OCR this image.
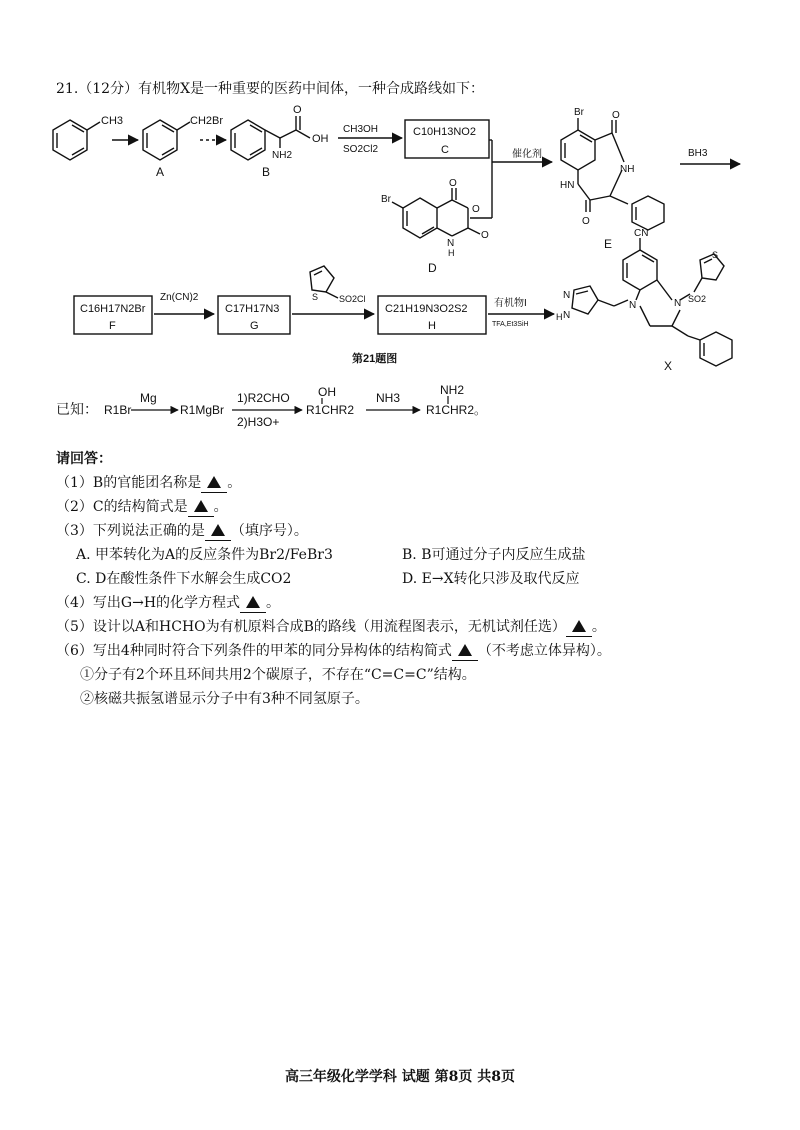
21.（12分）有机物X是一种重要的医药中间体，一种合成路线如下：
CH3	CH2Br
A
OH
O
NH2
B
CH3OH
SO2Cl2
C10H13NO2
C
Br
O
O
O
N
H
D
催化剂
Br	O
NH
HN
O
E
BH3
C16H17N2Br
F
Zn(CN)2
C17H17N3
G
S SO2Cl
C21H19N3O2S2
H
有机物I
TFA,Et3SiH
CN
N
N
H
N	N
S
SO2
X
第21题图
已知： R1Br
Mg
R1MgBr
1)R2CHO
2)H3O+
OH
R1CHR2
NH3
NH2
R1CHR2。
请回答：
（1）B的官能团名称是 。
（2）C的结构简式是 。
（3）下列说法正确的是 （填序号）。
A. 甲苯转化为A的反应条件为Br2/FeBr3	B. B可通过分子内反应生成盐
C. D在酸性条件下水解会生成CO2	D. E→X转化只涉及取代反应
（4）写出G→H的化学方程式 。
（5）设计以A和HCHO为有机原料合成B的路线（用流程图表示，无机试剂任选） 。
（6）写出4种同时符合下列条件的甲苯的同分异构体的结构简式 （不考虑立体异构）。
①分子有2个环且环间共用2个碳原子，不存在“C=C=C”结构。
②核磁共振氢谱显示分子中有3种不同氢原子。
高三年级化学学科 试题 第8页 共8页
